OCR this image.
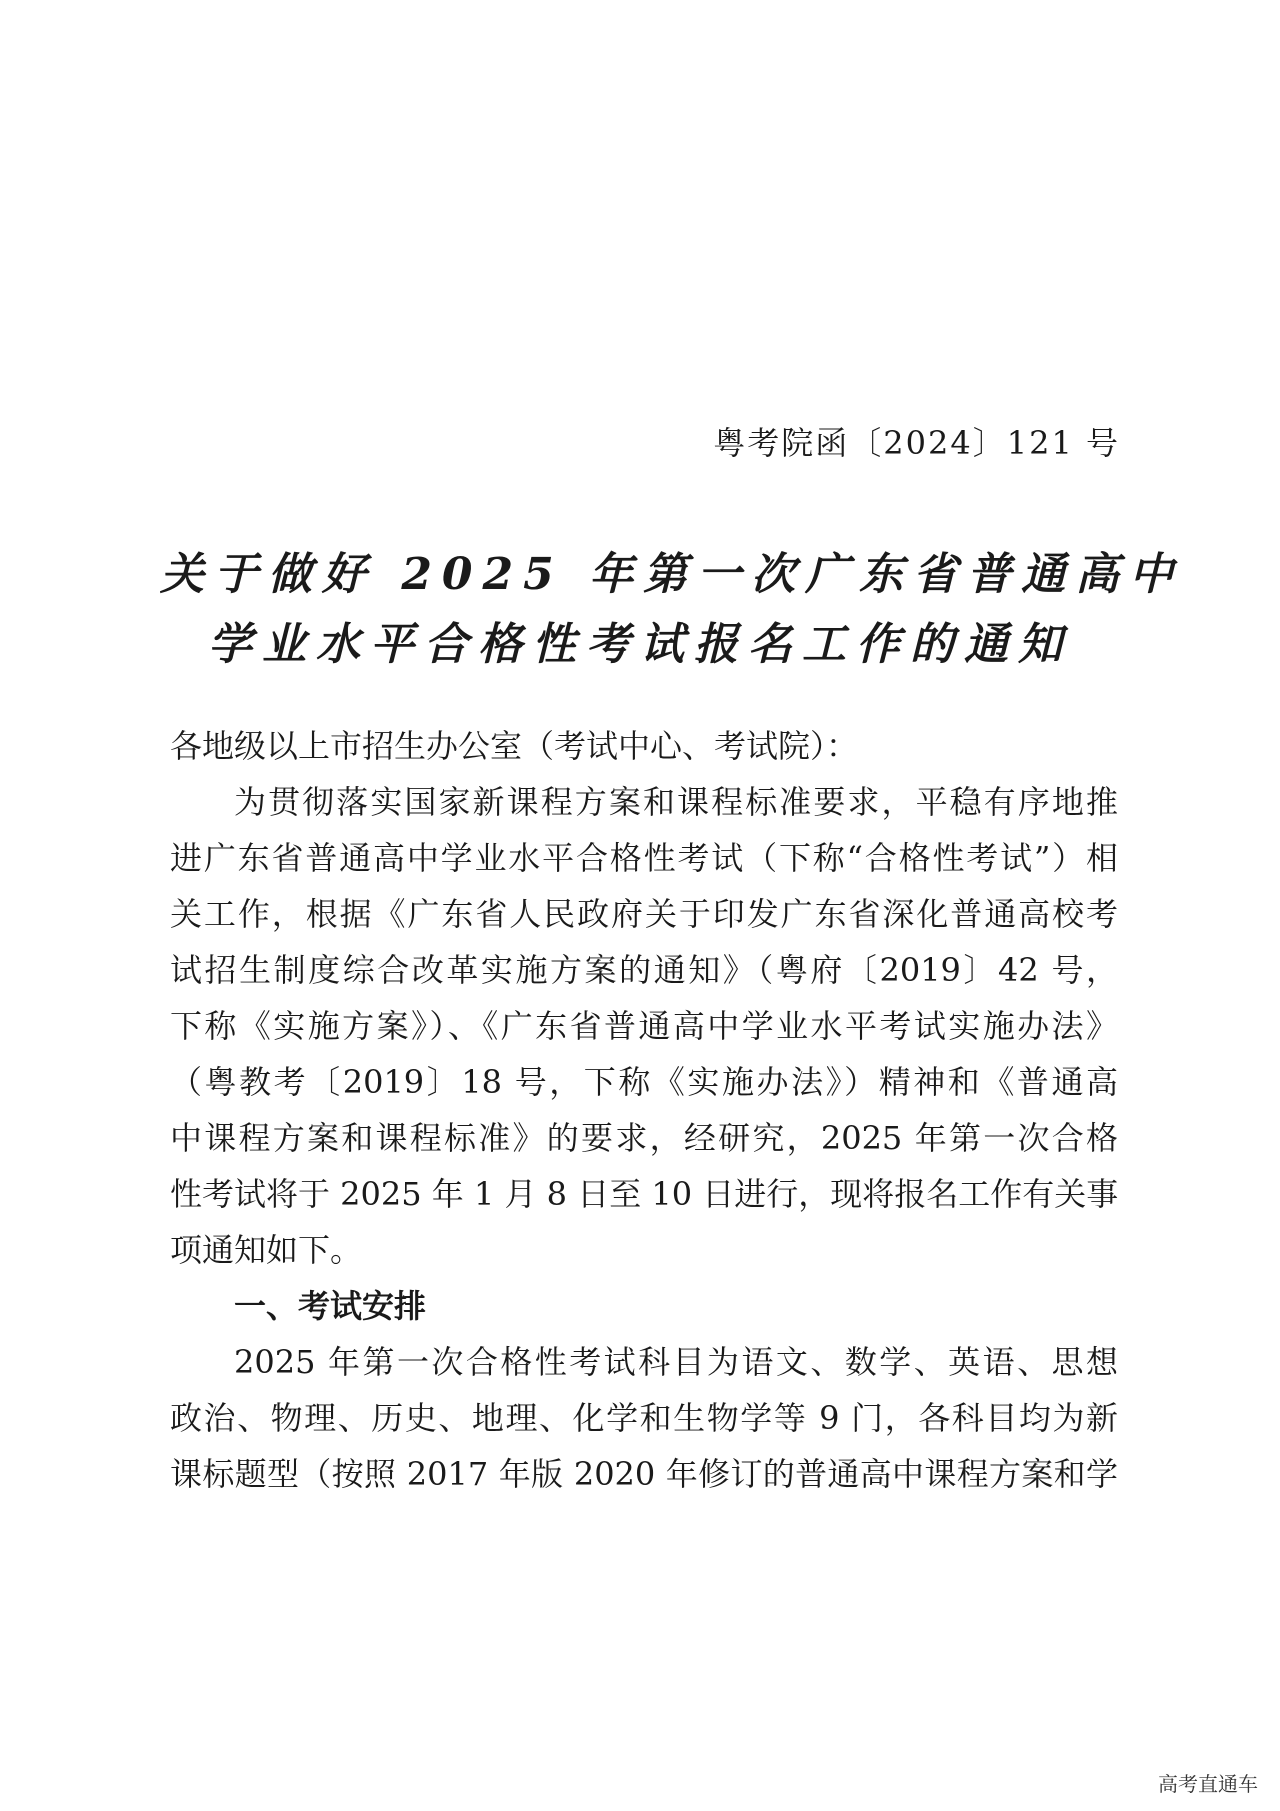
粤考院函〔2024〕121 号
关于做好 2025 年第一次广东省普通高中
学业水平合格性考试报名工作的通知
各地级以上市招生办公室（考试中心、考试院）：
为贯彻落实国家新课程方案和课程标准要求，平稳有序地推
进广东省普通高中学业水平合格性考试（下称“合格性考试”）相
关工作，根据《广东省人民政府关于印发广东省深化普通高校考
试招生制度综合改革实施方案的通知》（粤府〔2019〕42 号，
下称《实施方案》）、《广东省普通高中学业水平考试实施办法》
（粤教考〔2019〕18 号，下称《实施办法》）精神和《普通高
中课程方案和课程标准》的要求，经研究，2025 年第一次合格
性考试将于 2025 年 1 月 8 日至 10 日进行，现将报名工作有关事
项通知如下。
一、考试安排
2025 年第一次合格性考试科目为语文、数学、英语、思想
政治、物理、历史、地理、化学和生物学等 9 门，各科目均为新
课标题型（按照 2017 年版 2020 年修订的普通高中课程方案和学
高考直通车
